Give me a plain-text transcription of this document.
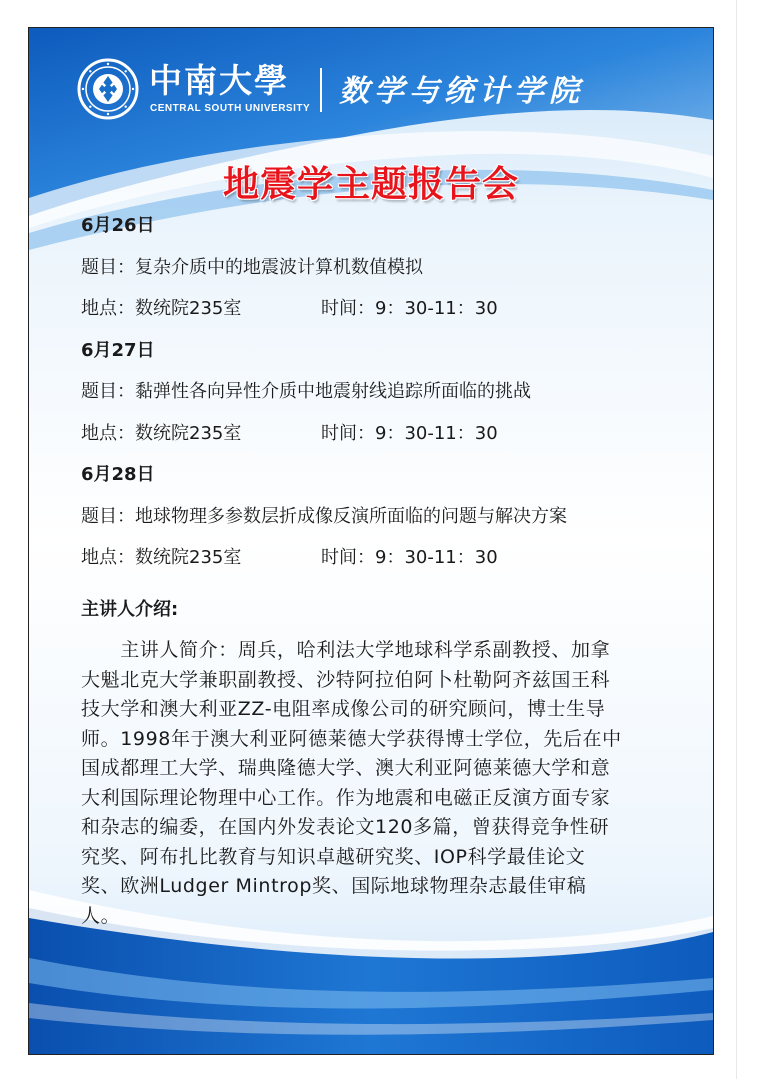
中南大學
CENTRAL SOUTH UNIVERSITY 数学与统计学院
地震学主题报告会
6月26日
题目：复杂介质中的地震波计算机数值模拟
地点：数统院235室	时间：9：30-11：30
6月27日
题目：黏弹性各向异性介质中地震射线追踪所面临的挑战
地点：数统院235室	时间：9：30-11：30
6月28日
题目：地球物理多参数层折成像反演所面临的问题与解决方案
地点：数统院235室	时间：9：30-11：30
主讲人介绍:
　　主讲人简介：周兵，哈利法大学地球科学系副教授、加拿
大魁北克大学兼职副教授、沙特阿拉伯阿卜杜勒阿齐兹国王科
技大学和澳大利亚ZZ-电阻率成像公司的研究顾问，博士生导
师。1998年于澳大利亚阿德莱德大学获得博士学位，先后在中
国成都理工大学、瑞典隆德大学、澳大利亚阿德莱德大学和意
大利国际理论物理中心工作。作为地震和电磁正反演方面专家
和杂志的编委，在国内外发表论文120多篇，曾获得竞争性研
究奖、阿布扎比教育与知识卓越研究奖、IOP科学最佳论文
奖、欧洲Ludger Mintrop奖、国际地球物理杂志最佳审稿
人。
